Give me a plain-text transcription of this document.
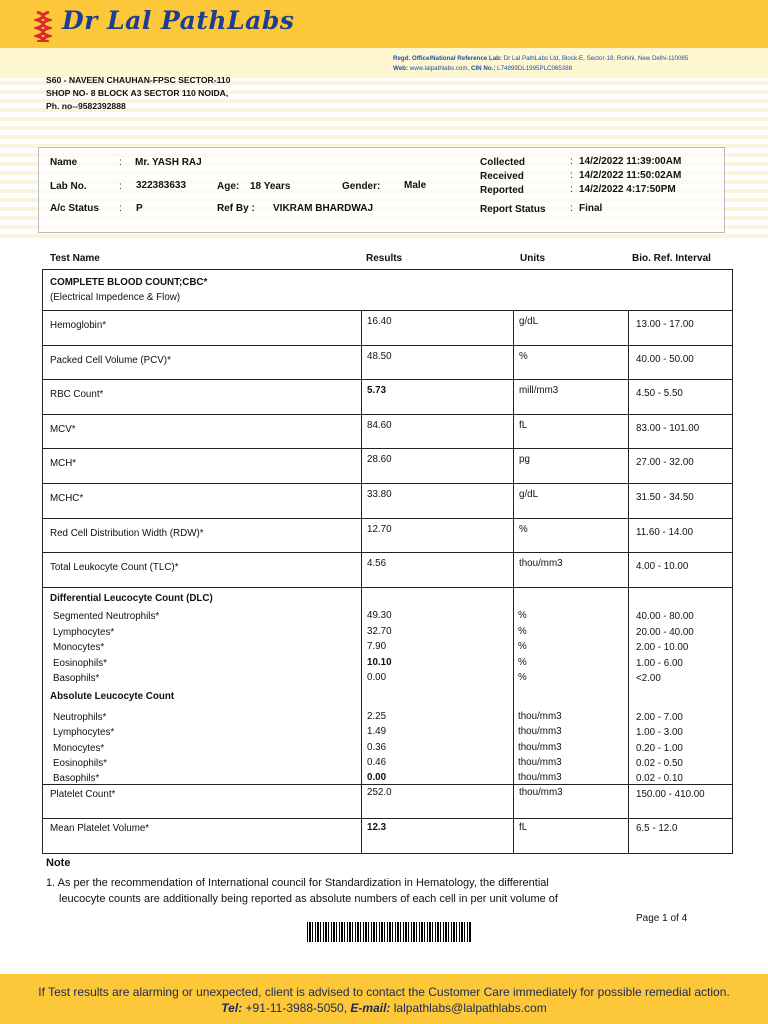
Dr Lal PathLabs
Regd. Office/National Reference Lab: Dr Lal PathLabs Ltd, Block-E, Sector-18, Rohini, New Delhi-110085
Web: www.lalpathlabs.com, CIN No.: L74899DL1995PLC065388
S60 - NAVEEN CHAUHAN-FPSC SECTOR-110
SHOP NO- 8 BLOCK A3 SECTOR 110 NOIDA,
Ph. no--9582392888
Name	: Mr. YASH RAJ
Lab No.	: 322383633	Age: 18 Years	Gender: Male
A/c Status : P	Ref By : VIKRAM BHARDWAJ
Collected	: 14/2/2022 11:39:00AM
Received	: 14/2/2022 11:50:02AM
Reported	: 14/2/2022 4:17:50PM
Report Status : Final
Test Name	Results	Units	Bio. Ref. Interval
COMPLETE BLOOD COUNT;CBC*
(Electrical Impedence & Flow)
Hemoglobin*	16.40	g/dL	13.00 - 17.00
Packed Cell Volume (PCV)*	48.50	%	40.00 - 50.00
RBC Count*	5.73	mill/mm3	4.50 - 5.50
MCV*	84.60	fL	83.00 - 101.00
MCH*	28.60	pg	27.00 - 32.00
MCHC*	33.80	g/dL	31.50 - 34.50
Red Cell Distribution Width (RDW)*	12.70	%	11.60 - 14.00
Total Leukocyte Count (TLC)*	4.56	thou/mm3	4.00 - 10.00
Differential Leucocyte Count (DLC)
Segmented Neutrophils*	49.30	%	40.00 - 80.00
Lymphocytes*	32.70	%	20.00 - 40.00
Monocytes*	7.90	%	2.00 - 10.00
Eosinophils*	10.10	%	1.00 - 6.00
Basophils*	0.00	%	<2.00
Absolute Leucocyte Count
Neutrophils*	2.25	thou/mm3	2.00 - 7.00
Lymphocytes*	1.49	thou/mm3	1.00 - 3.00
Monocytes*	0.36	thou/mm3	0.20 - 1.00
Eosinophils*	0.46	thou/mm3	0.02 - 0.50
Basophils*	0.00	thou/mm3	0.02 - 0.10
Platelet Count*	252.0	thou/mm3	150.00 - 410.00
Mean Platelet Volume*	12.3	fL	6.5 - 12.0
Note
1. As per the recommendation of International council for Standardization in Hematology, the differential
leucocyte counts are additionally being reported as absolute numbers of each cell in per unit volume of
Page 1 of 4
If Test results are alarming or unexpected, client is advised to contact the Customer Care immediately for possible remedial action.
Tel: +91-11-3988-5050, E-mail: lalpathlabs@lalpathlabs.com
